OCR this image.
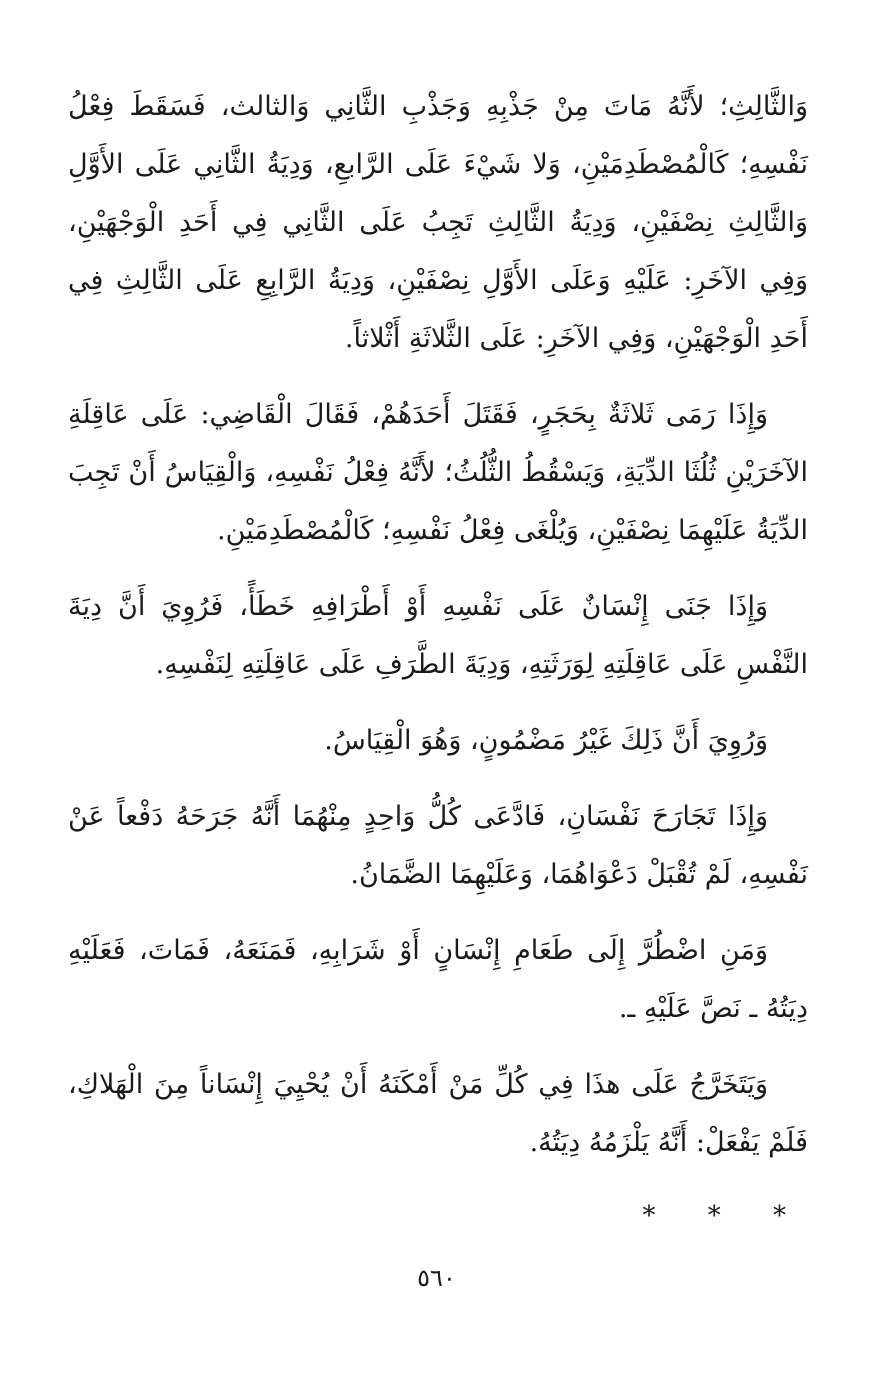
وَالثَّالِثِ؛ لأَنَّهُ مَاتَ مِنْ جَذْبِهِ وَجَذْبِ الثَّانِي وَالثالث، فَسَقَطَ فِعْلُ نَفْسِهِ؛ كَالْمُصْطَدِمَيْنِ، وَلا شَيْءَ عَلَى الرَّابعِ، وَدِيَةُ الثَّانِي عَلَى الأَوَّلِ وَالثَّالِثِ نِصْفَيْنِ، وَدِيَةُ الثَّالِثِ تَجِبُ عَلَى الثَّانِي فِي أَحَدِ الْوَجْهَيْنِ، وَفِي الآخَرِ: عَلَيْهِ وَعَلَى الأَوَّلِ نِصْفَيْنِ، وَدِيَةُ الرَّابِعِ عَلَى الثَّالِثِ فِي أَحَدِ الْوَجْهَيْنِ، وَفِي الآخَرِ: عَلَى الثَّلاثَةِ أَثْلاثاً.

وَإِذَا رَمَى ثَلاثَةٌ بِحَجَرٍ، فَقَتَلَ أَحَدَهُمْ، فَقَالَ الْقَاضِي: عَلَى عَاقِلَةِ الآخَرَيْنِ ثُلُثَا الدِّيَةِ، وَيَسْقُطُ الثُّلُثُ؛ لأَنَّهُ فِعْلُ نَفْسِهِ، وَالْقِيَاسُ أَنْ تَجِبَ الدِّيَةُ عَلَيْهِمَا نِصْفَيْنِ، وَيُلْغَى فِعْلُ نَفْسِهِ؛ كَالْمُصْطَدِمَيْنِ.

وَإِذَا جَنَى إِنْسَانٌ عَلَى نَفْسِهِ أَوْ أَطْرَافِهِ خَطَأً، فَرُوِيَ أَنَّ دِيَةَ النَّفْسِ عَلَى عَاقِلَتِهِ لِوَرَثَتِهِ، وَدِيَةَ الطَّرَفِ عَلَى عَاقِلَتِهِ لِنَفْسِهِ.

وَرُوِيَ أَنَّ ذَلِكَ غَيْرُ مَضْمُونٍ، وَهُوَ الْقِيَاسُ.

وَإِذَا تَجَارَحَ نَفْسَانِ، فَادَّعَى كُلُّ وَاحِدٍ مِنْهُمَا أَنَّهُ جَرَحَهُ دَفْعاً عَنْ نَفْسِهِ، لَمْ تُقْبَلْ دَعْوَاهُمَا، وَعَلَيْهِمَا الضَّمَانُ.

وَمَنِ اضْطُرَّ إِلَى طَعَامِ إِنْسَانٍ أَوْ شَرَابِهِ، فَمَنَعَهُ، فَمَاتَ، فَعَلَيْهِ دِيَتُهُ ـ نَصَّ عَلَيْهِ ـ.

وَيَتَخَرَّجُ عَلَى هذَا فِي كُلِّ مَنْ أَمْكَنَهُ أَنْ يُحْيِيَ إِنْسَاناً مِنَ الْهَلاكِ، فَلَمْ يَفْعَلْ: أَنَّهُ يَلْزَمُهُ دِيَتُهُ.

* * *
٥٦٠
